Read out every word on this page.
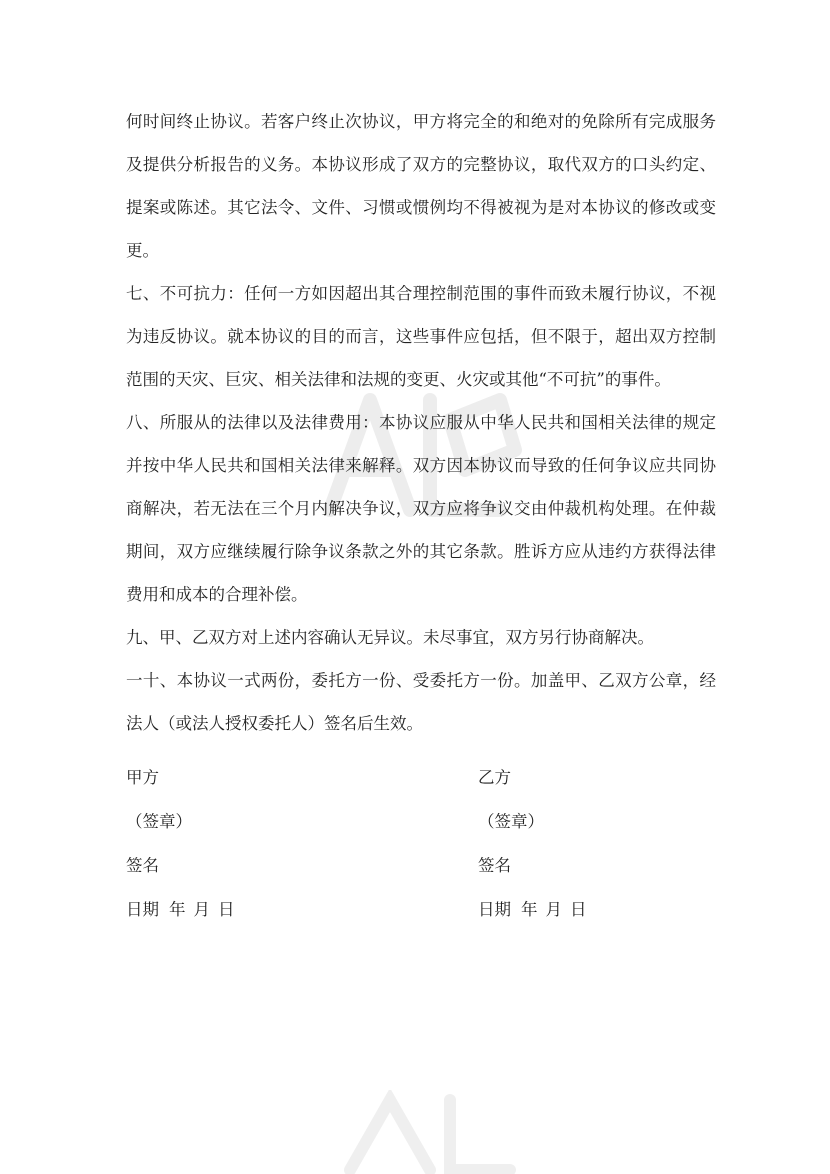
何时间终止协议。若客户终止次协议，甲方将完全的和绝对的免除所有完成服务及提供分析报告的义务。本协议形成了双方的完整协议，取代双方的口头约定、提案或陈述。其它法令、文件、习惯或惯例均不得被视为是对本协议的修改或变更。

七、不可抗力：任何一方如因超出其合理控制范围的事件而致未履行协议，不视为违反协议。就本协议的目的而言，这些事件应包括，但不限于，超出双方控制范围的天灾、巨灾、相关法律和法规的变更、火灾或其他“不可抗”的事件。

八、所服从的法律以及法律费用：本协议应服从中华人民共和国相关法律的规定并按中华人民共和国相关法律来解释。双方因本协议而导致的任何争议应共同协商解决，若无法在三个月内解决争议，双方应将争议交由仲裁机构处理。在仲裁期间，双方应继续履行除争议条款之外的其它条款。胜诉方应从违约方获得法律费用和成本的合理补偿。

九、甲、乙双方对上述内容确认无异议。未尽事宜，双方另行协商解决。

一十、本协议一式两份，委托方一份、受委托方一份。加盖甲、乙双方公章，经法人（或法人授权委托人）签名后生效。

甲方	乙方
（签章）	（签章）
签名	签名
日期 年 月 日	日期 年 月 日
